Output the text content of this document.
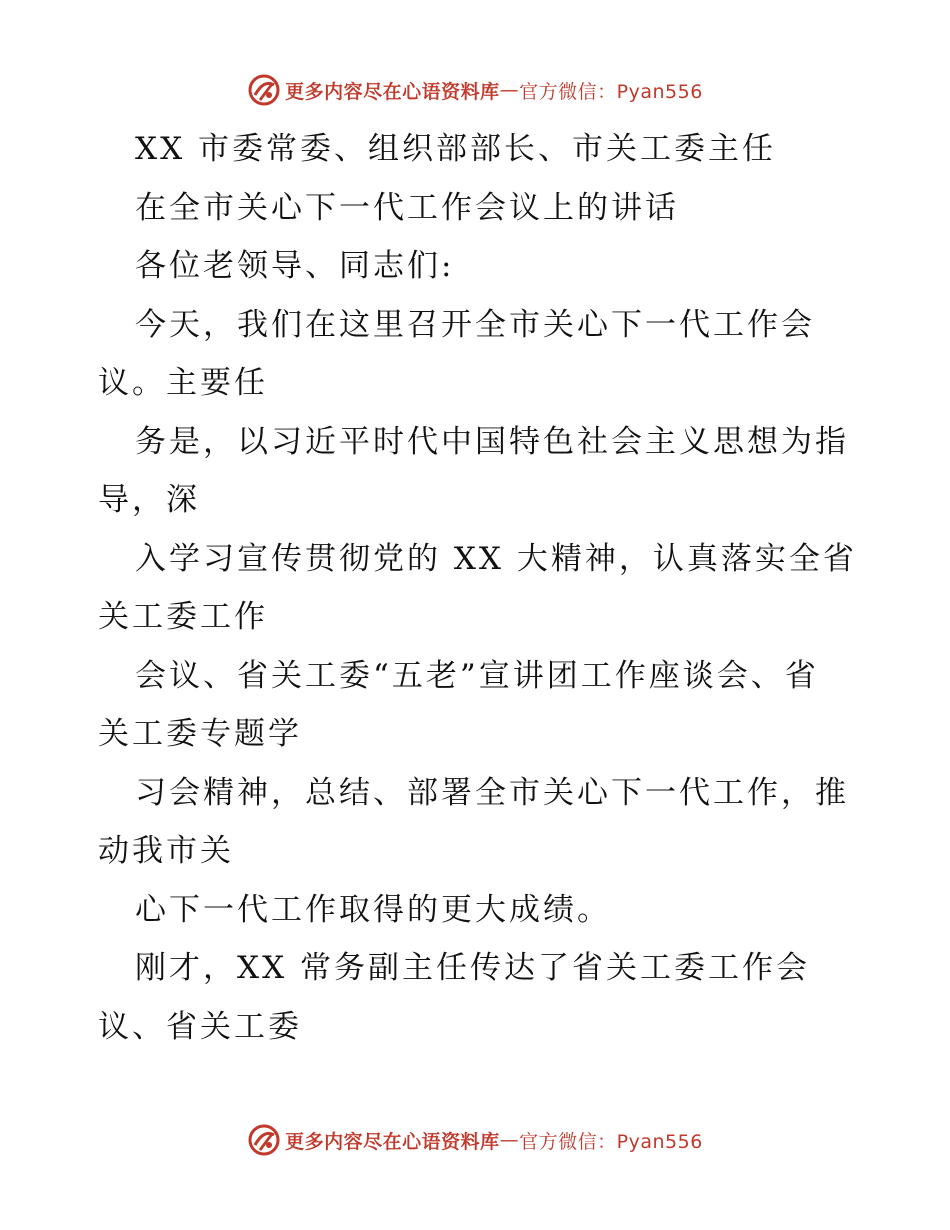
更多内容尽在心语资料库 — 官方微信：Pyan556
XX 市委常委、组织部部长、市关工委主任
在全市关心下一代工作会议上的讲话
各位老领导、同志们:
今天，我们在这里召开全市关心下一代工作会
议。主要任
务是，以习近平时代中国特色社会主义思想为指
导，深
入学习宣传贯彻党的 XX 大精神，认真落实全省
关工委工作
会议、省关工委“五老”宣讲团工作座谈会、省
关工委专题学
习会精神，总结、部署全市关心下一代工作，推
动我市关
心下一代工作取得的更大成绩。
刚才，XX 常务副主任传达了省关工委工作会
议、省关工委
更多内容尽在心语资料库 — 官方微信：Pyan556
